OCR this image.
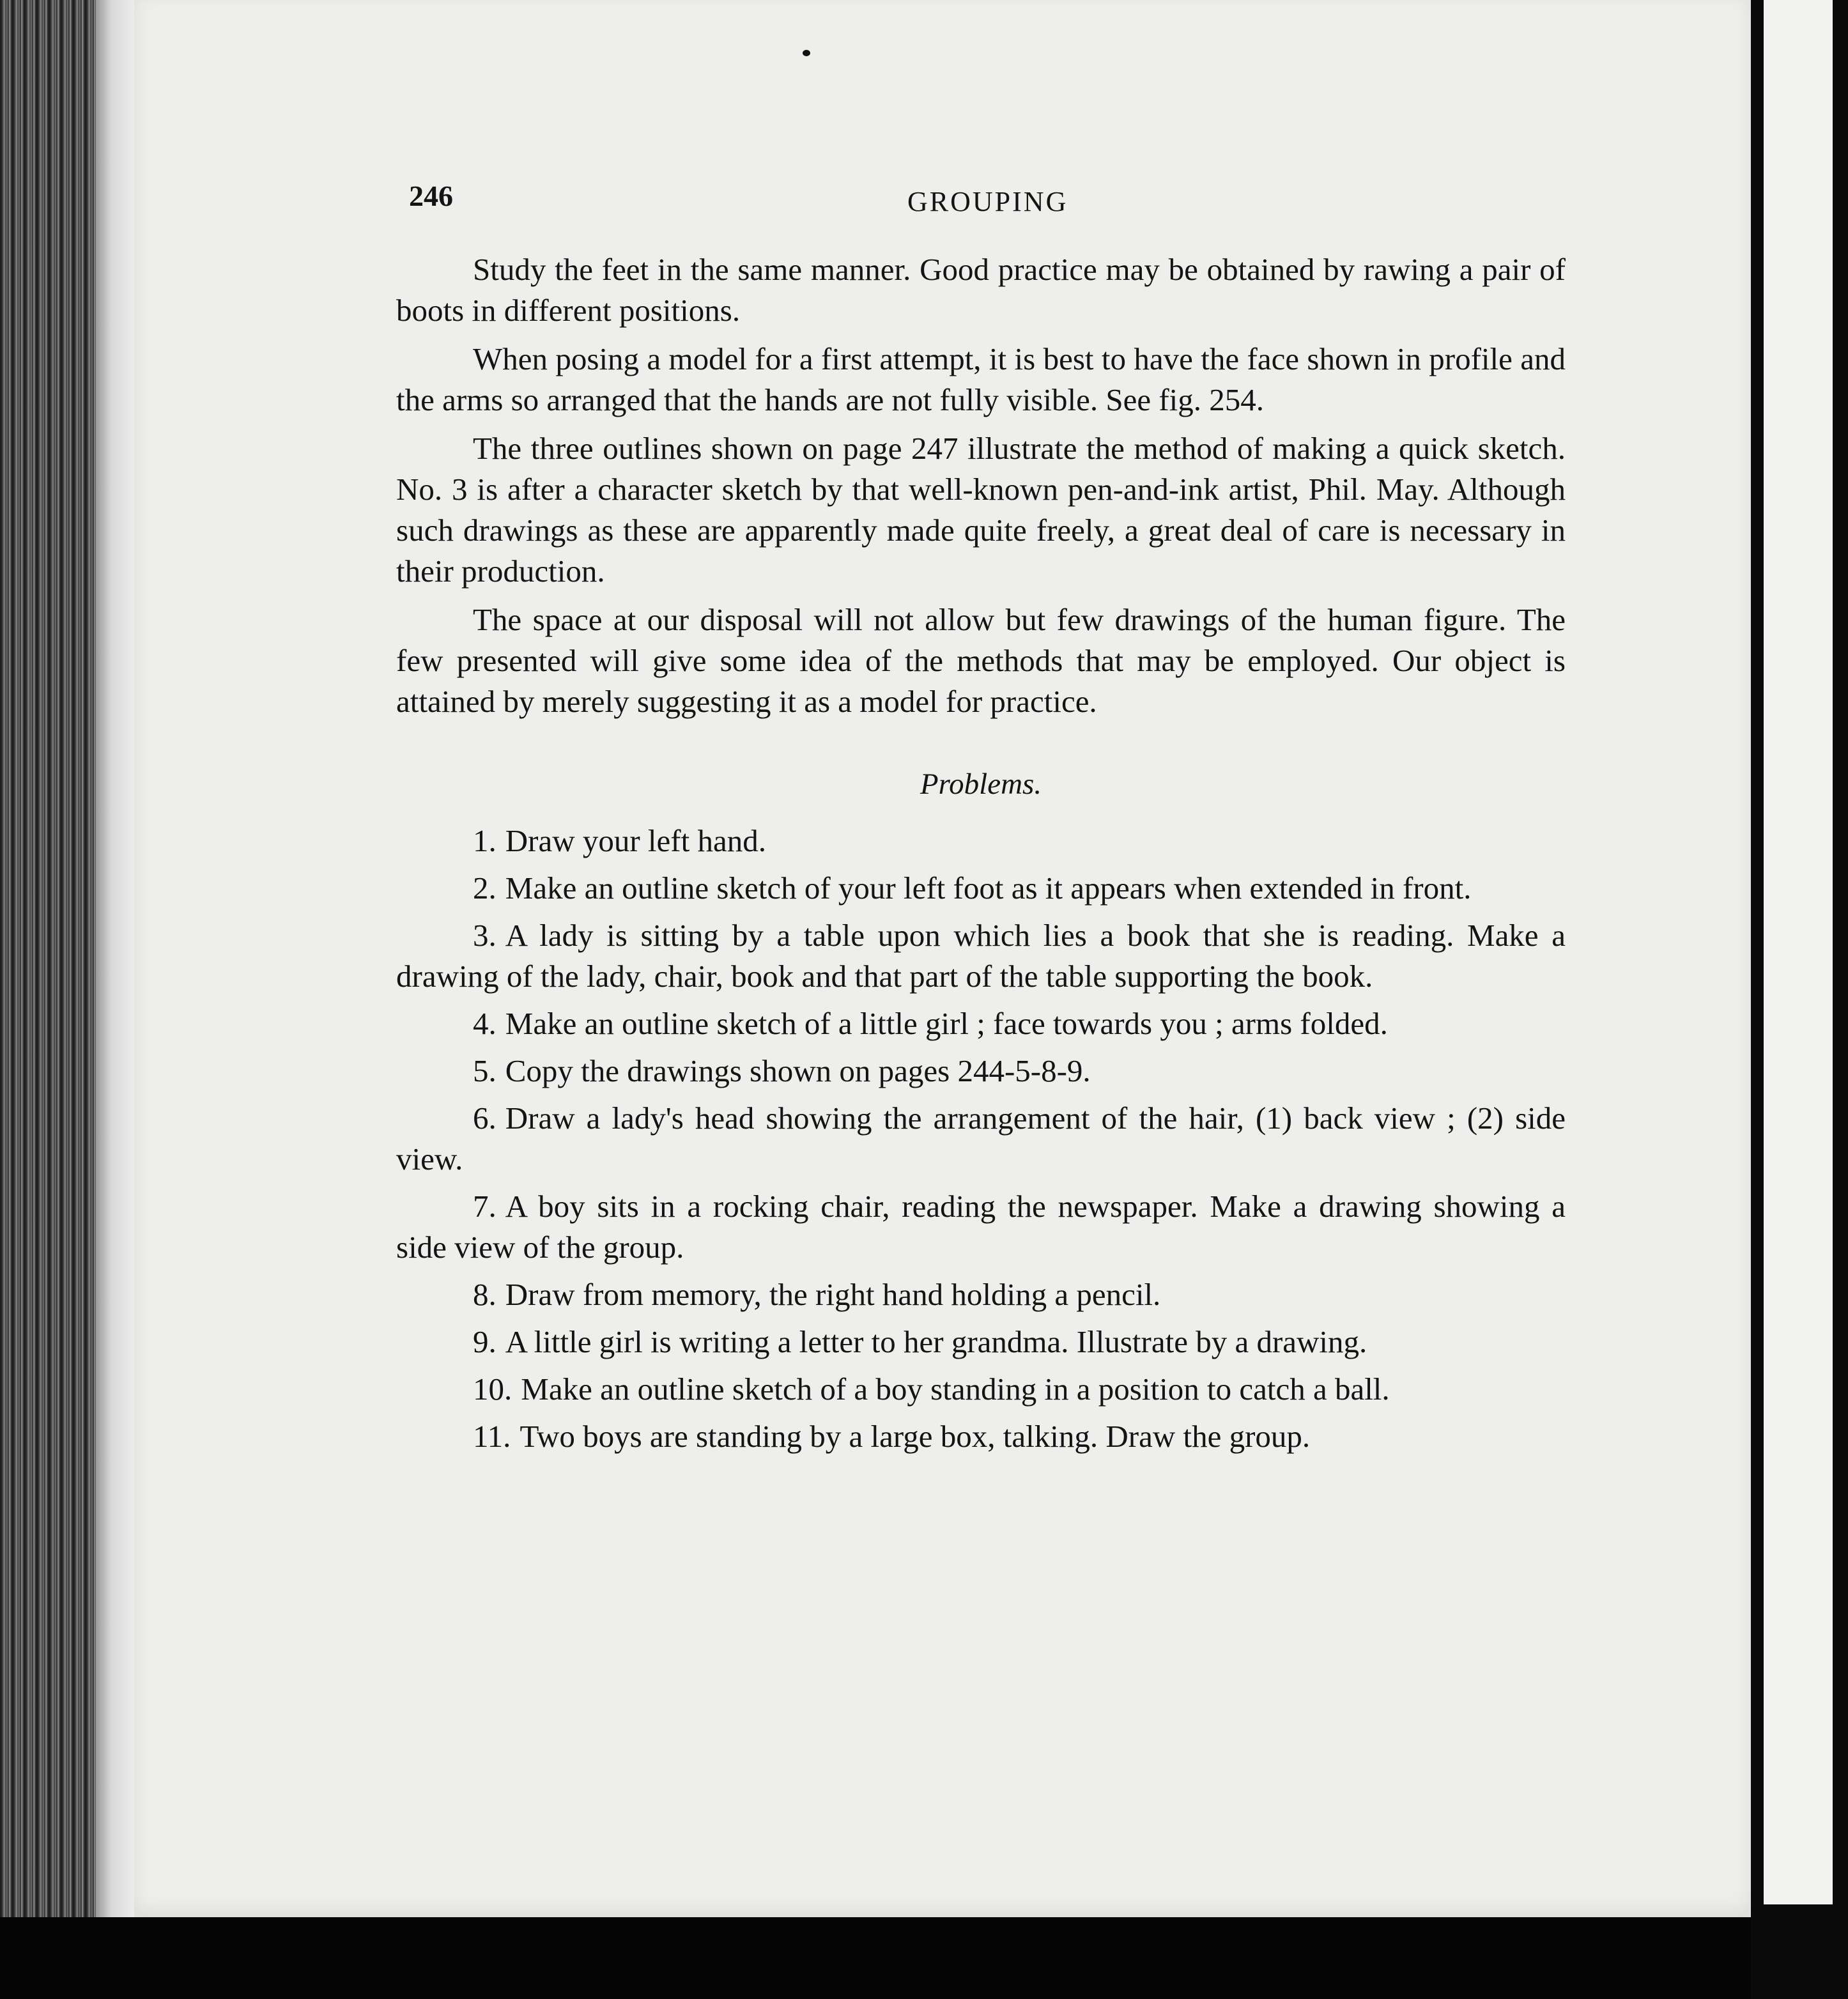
246	GROUPING

Study the feet in the same manner. Good practice may be obtained by rawing a pair of boots in different positions.

When posing a model for a first attempt, it is best to have the face shown in profile and the arms so arranged that the hands are not fully visible. See fig. 254.

The three outlines shown on page 247 illustrate the method of making a quick sketch. No. 3 is after a character sketch by that well-known pen-and-ink artist, Phil. May. Although such drawings as these are apparently made quite freely, a great deal of care is necessary in their production.

The space at our disposal will not allow but few drawings of the human figure. The few presented will give some idea of the methods that may be employed. Our object is attained by merely suggesting it as a model for practice.

Problems.
1. Draw your left hand.
2. Make an outline sketch of your left foot as it appears when extended in front.
3. A lady is sitting by a table upon which lies a book that she is reading. Make a drawing of the lady, chair, book and that part of the table supporting the book.
4. Make an outline sketch of a little girl ; face towards you ; arms folded.
5. Copy the drawings shown on pages 244-5-8-9.
6. Draw a lady's head showing the arrangement of the hair, (1) back view ; (2) side view.
7. A boy sits in a rocking chair, reading the newspaper. Make a drawing showing a side view of the group.
8. Draw from memory, the right hand holding a pencil.
9. A little girl is writing a letter to her grandma. Illustrate by a drawing.
10. Make an outline sketch of a boy standing in a position to catch a ball.
11. Two boys are standing by a large box, talking. Draw the group.
